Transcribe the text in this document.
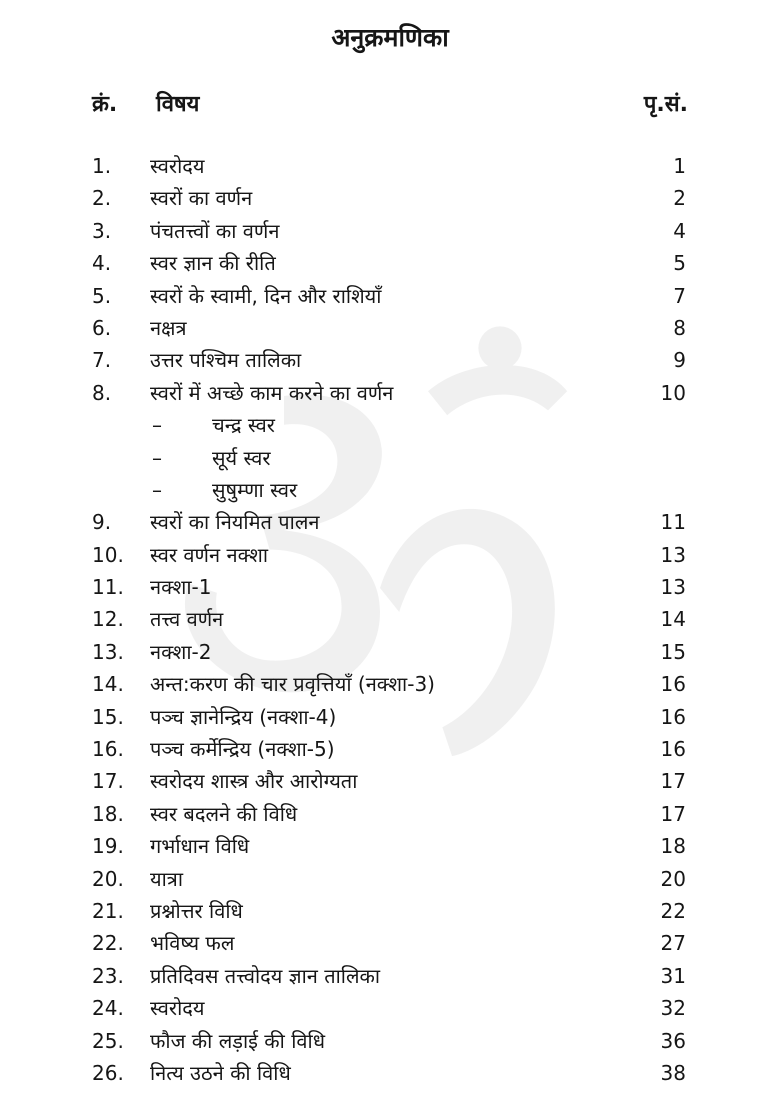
अनुक्रमणिका
क्रं. विषय	पृ.सं.
1. स्वरोदय	1
2. स्वरों का वर्णन	2
3. पंचतत्त्वों का वर्णन	4
4. स्वर ज्ञान की रीति	5
5. स्वरों के स्वामी, दिन और राशियाँ	7
6. नक्षत्र	8
7. उत्तर पश्चिम तालिका	9
8. स्वरों में अच्छे काम करने का वर्णन	10
–	चन्द्र स्वर
–	सूर्य स्वर
–	सुषुम्णा स्वर
9. स्वरों का नियमित पालन	11
10. स्वर वर्णन नक्शा	13
11. नक्शा-1	13
12. तत्त्व वर्णन	14
13. नक्शा-2	15
14. अन्त:करण की चार प्रवृत्तियाँ (नक्शा-3)	16
15. पञ्च ज्ञानेन्द्रिय (नक्शा-4)	16
16. पञ्च कर्मेन्द्रिय (नक्शा-5)	16
17. स्वरोदय शास्त्र और आरोग्यता	17
18. स्वर बदलने की विधि	17
19. गर्भाधान विधि	18
20. यात्रा	20
21. प्रश्नोत्तर विधि	22
22. भविष्य फल	27
23. प्रतिदिवस तत्त्वोदय ज्ञान तालिका	31
24. स्वरोदय	32
25. फौज की लड़ाई की विधि	36
26. नित्य उठने की विधि	38
